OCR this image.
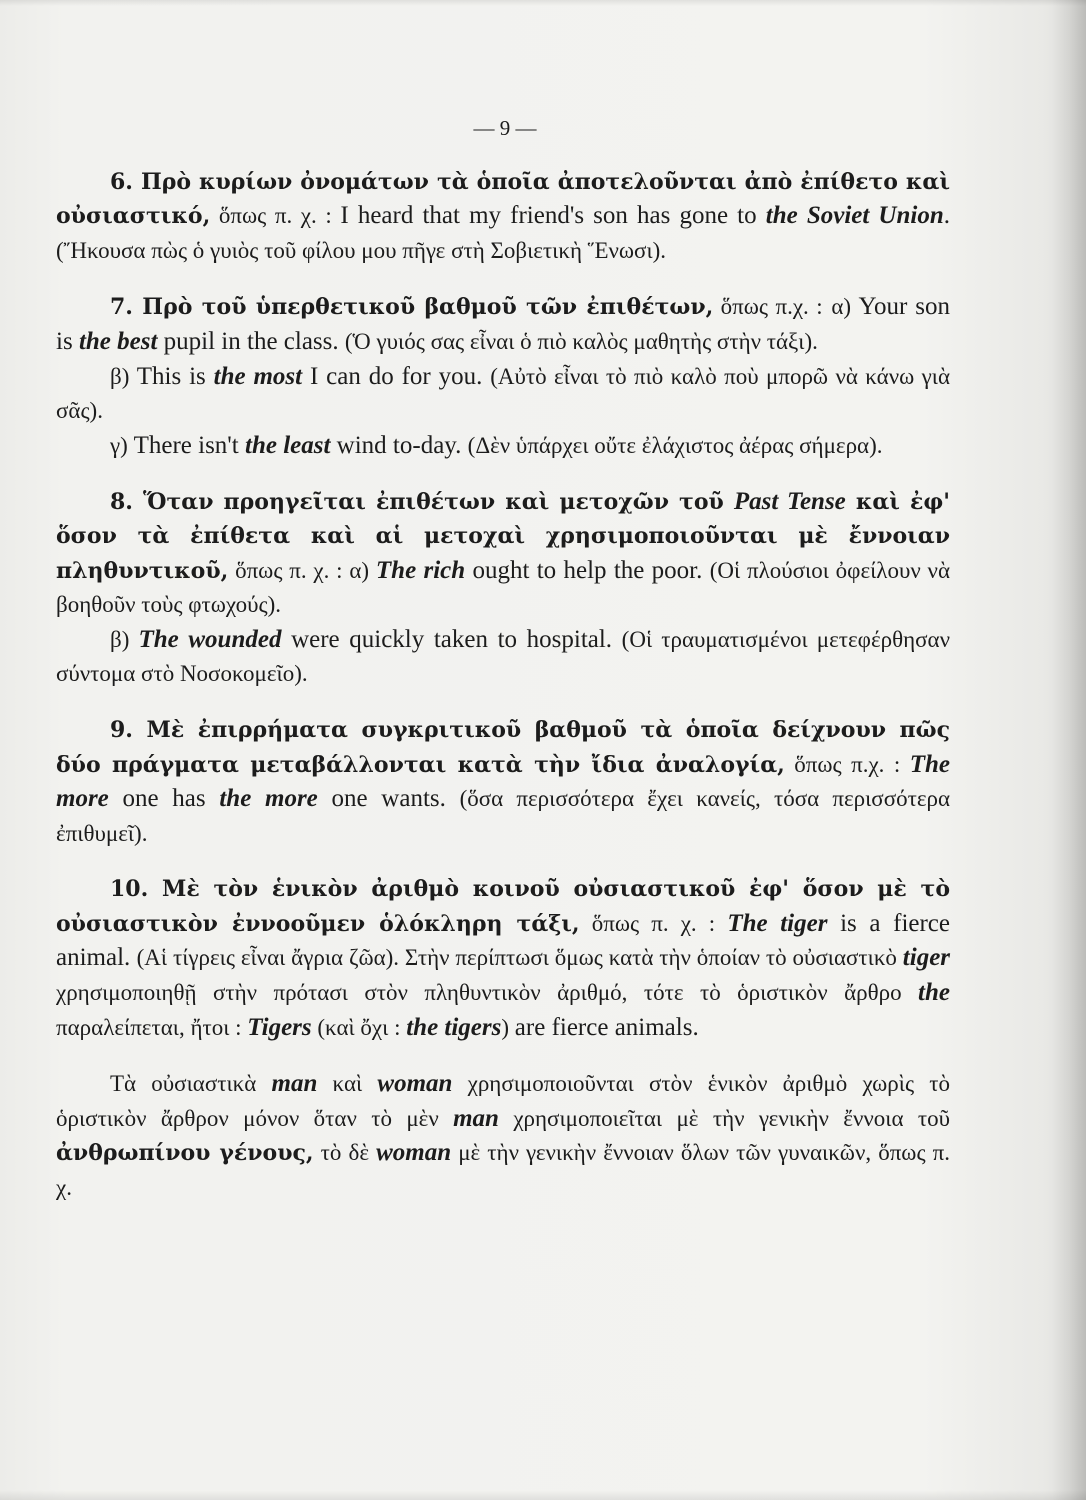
— 9 —
6. Πρὸ κυρίων ὀνομάτων τὰ ὁποῖα ἀποτελοῦνται ἀπὸ ἐπίθετο καὶ οὐσιαστικό, ὅπως π. χ. : I heard that my friend's son has gone to the Soviet Union. (Ἤκουσα πὼς ὁ γυιὸς τοῦ φίλου μου πῆγε στὴ Σοβιετικὴ Ἕνωσι).
7. Πρὸ τοῦ ὑπερθετικοῦ βαθμοῦ τῶν ἐπιθέτων, ὅπως π.χ. : α) Your son is the best pupil in the class. (Ὁ γυιός σας εἶναι ὁ πιὸ καλὸς μαθητὴς στὴν τάξι).
β) This is the most I can do for you. (Αὐτὸ εἶναι τὸ πιὸ καλὸ ποὺ μπορῶ νὰ κάνω γιὰ σᾶς).
γ) There isn't the least wind to-day. (Δὲν ὑπάρχει οὔτε ἐλάχιστος ἀέρας σήμερα).
8. Ὅταν προηγεῖται ἐπιθέτων καὶ μετοχῶν τοῦ Past Tense καὶ ἐφ' ὅσον τὰ ἐπίθετα καὶ αἱ μετοχαὶ χρησιμοποιοῦνται μὲ ἔννοιαν πληθυντικοῦ, ὅπως π. χ. : α) The rich ought to help the poor. (Οἱ πλούσιοι ὀφείλουν νὰ βοηθοῦν τοὺς φτωχούς).
β) The wounded were quickly taken to hospital. (Οἱ τραυματισμένοι μετεφέρθησαν σύντομα στὸ Νοσοκομεῖο).
9. Μὲ ἐπιρρήματα συγκριτικοῦ βαθμοῦ τὰ ὁποῖα δείχνουν πῶς δύο πράγματα μεταβάλλονται κατὰ τὴν ἴδια ἀναλογία, ὅπως π.χ. : The more one has the more one wants. (ὅσα περισσότερα ἔχει κανείς, τόσα περισσότερα ἐπιθυμεῖ).
10. Μὲ τὸν ἑνικὸν ἀριθμὸ κοινοῦ οὐσιαστικοῦ ἐφ' ὅσον μὲ τὸ οὐσιαστικὸν ἐννοοῦμεν ὁλόκληρη τάξι, ὅπως π. χ. : The tiger is a fierce animal. (Αἱ τίγρεις εἶναι ἄγρια ζῶα). Στὴν περίπτωσι ὅμως κατὰ τὴν ὁποίαν τὸ οὐσιαστικὸ tiger χρησιμοποιηθῇ στὴν πρότασι στὸν πληθυντικὸν ἀριθμό, τότε τὸ ὁριστικὸν ἄρθρο the παραλείπεται, ἤτοι : Tigers (καὶ ὄχι : the tigers) are fierce animals.
Τὰ οὐσιαστικὰ man καὶ woman χρησιμοποιοῦνται στὸν ἑνικὸν ἀριθμὸ χωρὶς τὸ ὁριστικὸν ἄρθρον μόνον ὅταν τὸ μὲν man χρησιμοποιεῖται μὲ τὴν γενικὴν ἔννοια τοῦ ἀνθρωπίνου γένους, τὸ δὲ woman μὲ τὴν γενικὴν ἔννοιαν ὅλων τῶν γυναικῶν, ὅπως π. χ.
